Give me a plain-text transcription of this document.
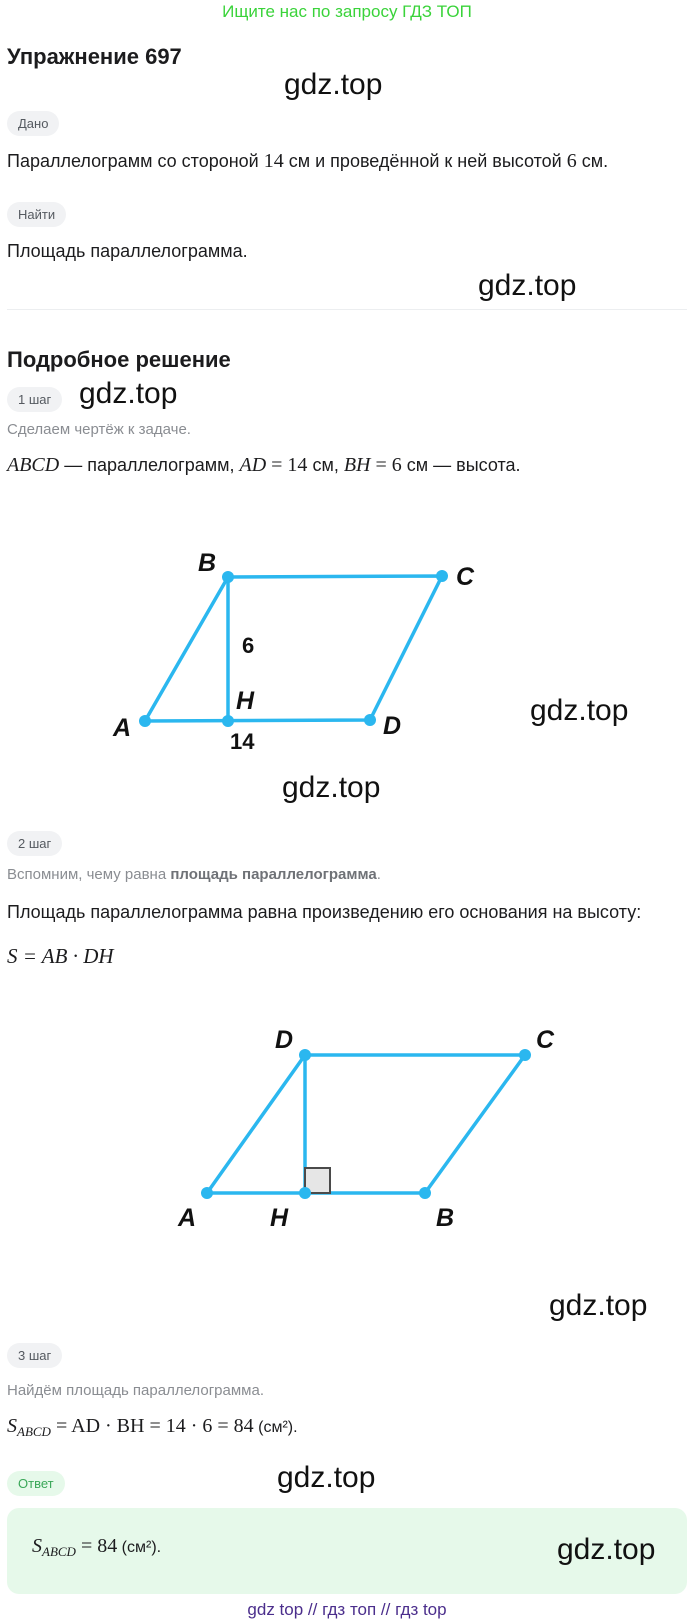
Ищите нас по запросу ГДЗ ТОП
Упражнение 697
gdz.top
Дано
Параллелограмм со стороной 14 см и проведённой к ней высотой 6 см.
Найти
Площадь параллелограмма.
gdz.top
Подробное решение
1 шаг gdz.top
Сделаем чертёж к задаче.
ABCD — параллелограмм, AD = 14 см, BH = 6 см — высота.
A
B	C
D
H
6
14
gdz.top
gdz.top
2 шаг
Вспомним, чему равна площадь параллелограмма.
Площадь параллелограмма равна произведению его основания на высоту:
S = AB · DH
A
D	C
B
H
gdz.top
3 шаг
Найдём площадь параллелограмма.
$S_{ABCD}$ = AD · BH = 14 · 6 = 84 (см²).
Ответ	gdz.top
$S_{ABCD} = 84$ (см²).	gdz.top
gdz top // гдз топ // гдз top
